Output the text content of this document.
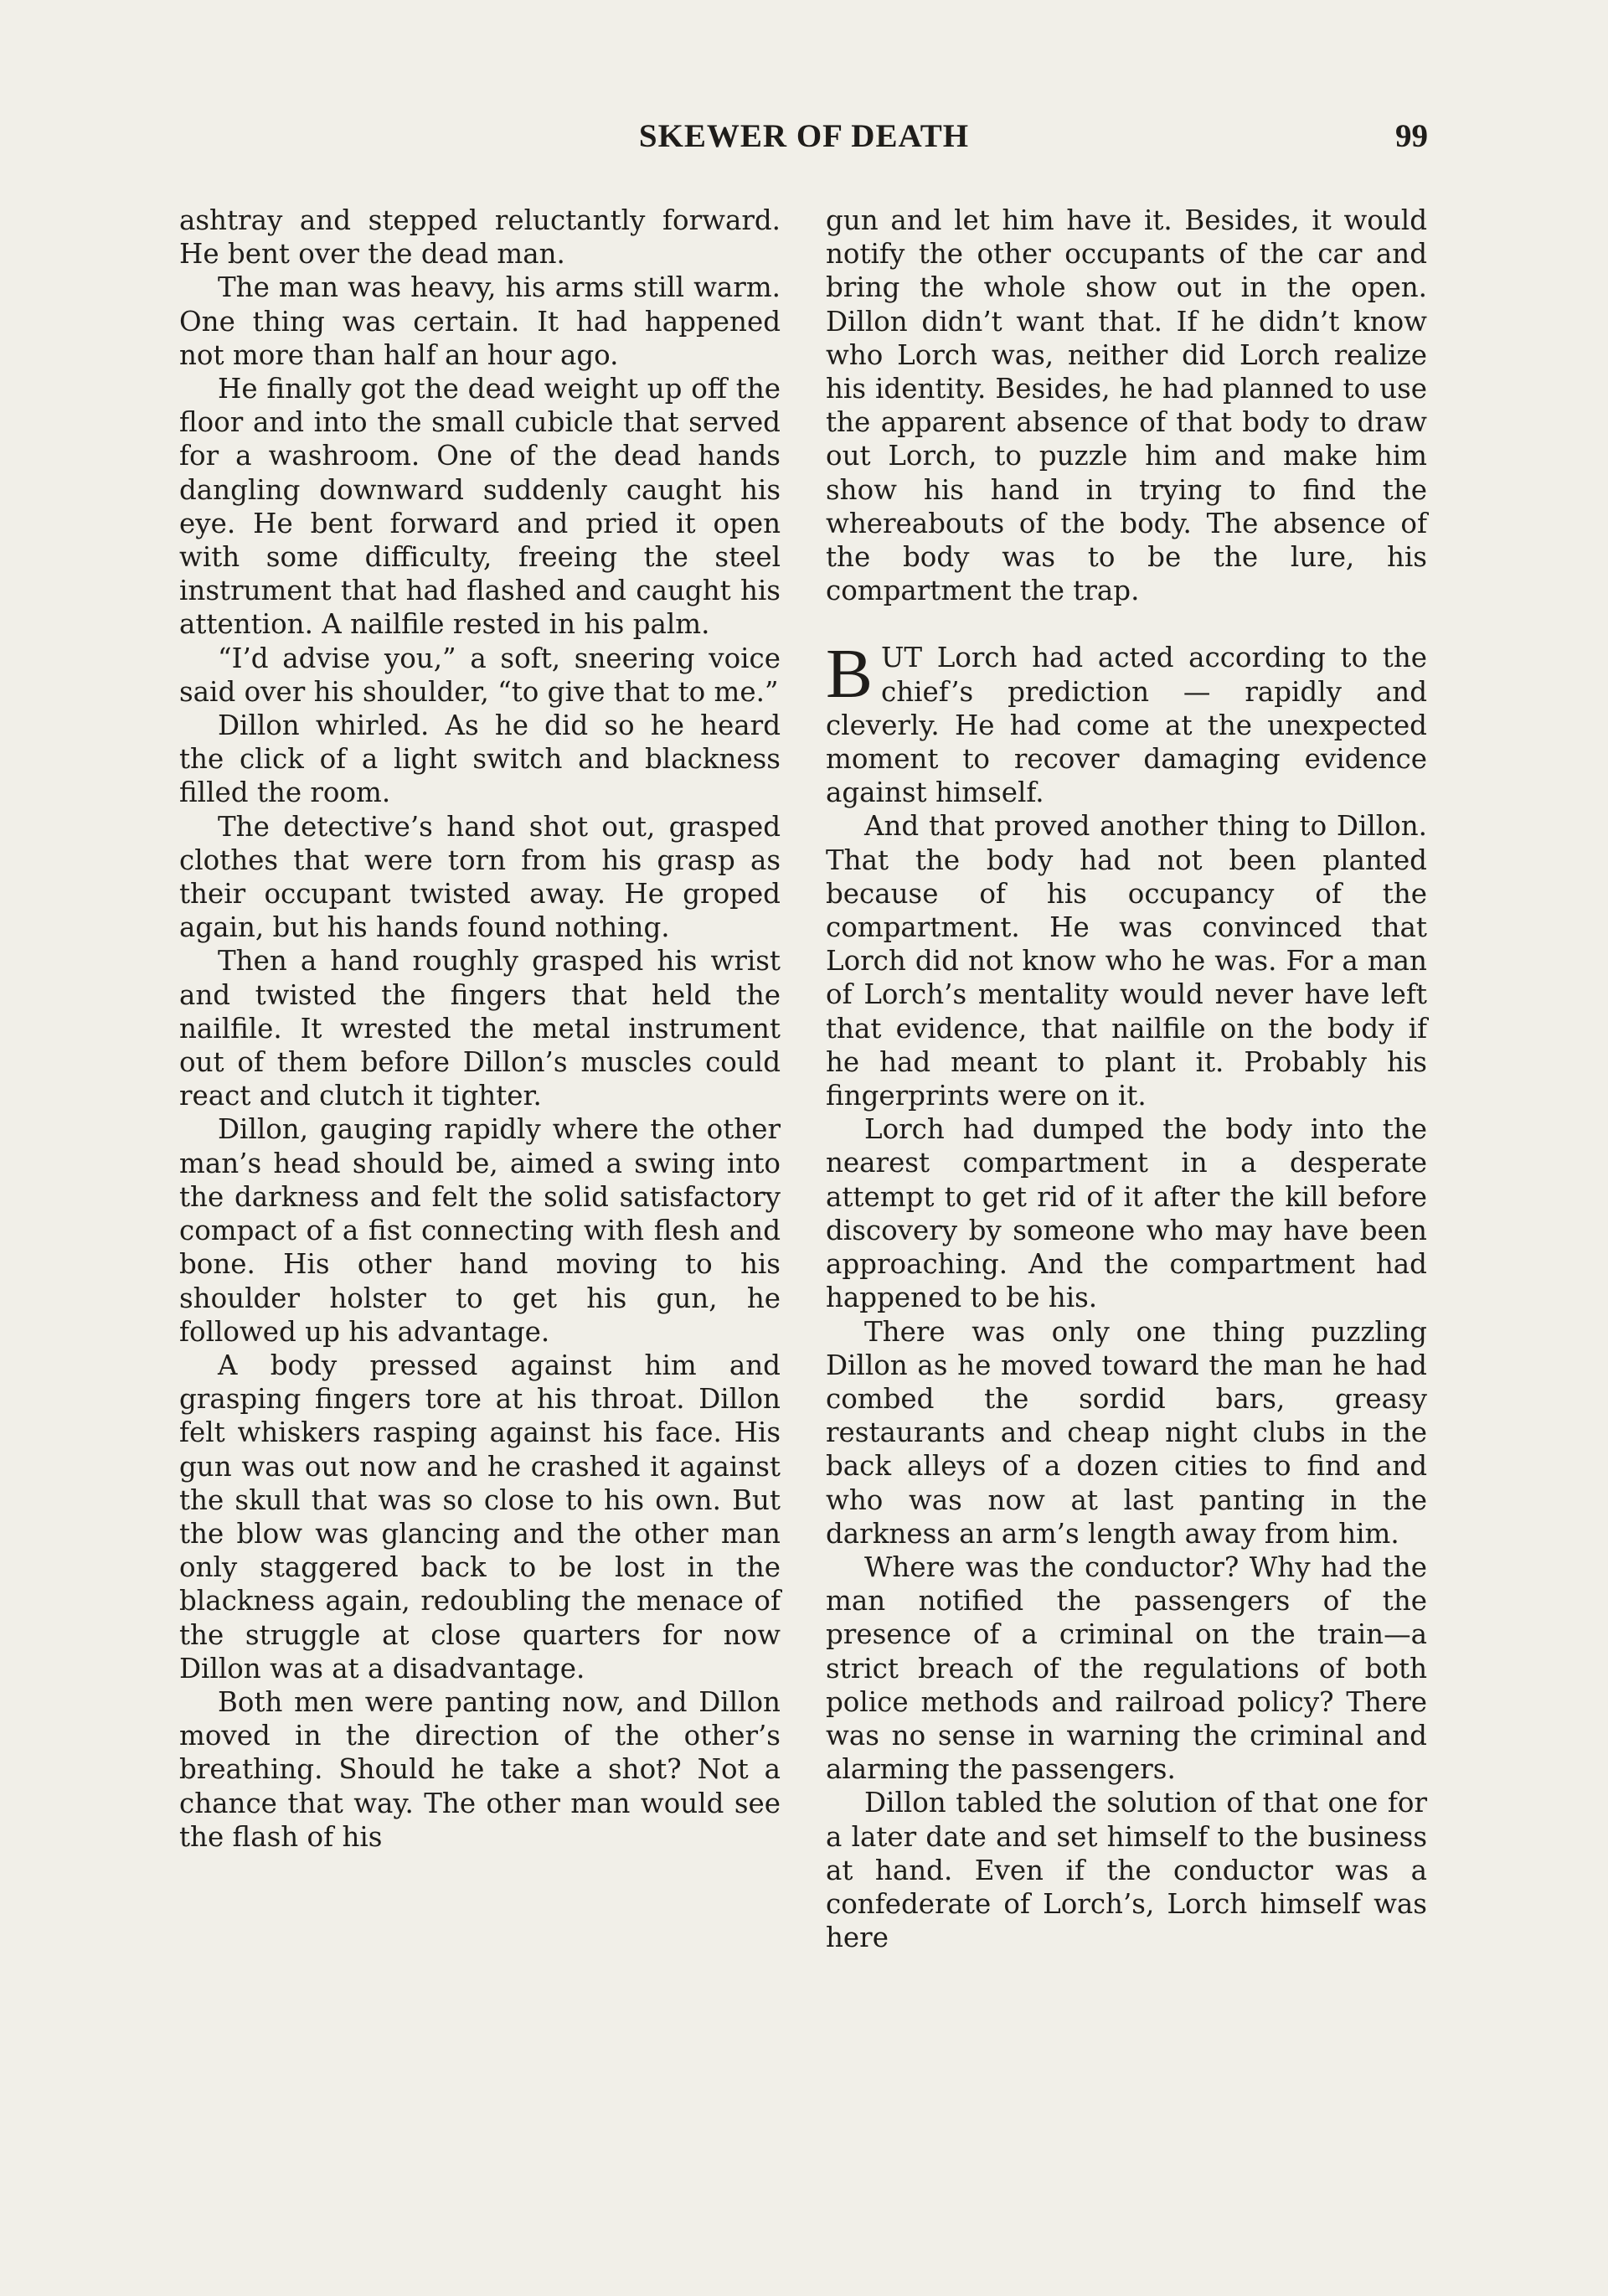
SKEWER OF DEATH	99

ashtray and stepped reluctantly forward. He bent over the dead man.

The man was heavy, his arms still warm. One thing was certain. It had happened not more than half an hour ago.

He finally got the dead weight up off the floor and into the small cubicle that served for a washroom. One of the dead hands dangling downward suddenly caught his eye. He bent forward and pried it open with some difficulty, freeing the steel instrument that had flashed and caught his attention. A nailfile rested in his palm.

“I’d advise you,” a soft, sneering voice said over his shoulder, “to give that to me.”

Dillon whirled. As he did so he heard the click of a light switch and blackness filled the room.

The detective’s hand shot out, grasped clothes that were torn from his grasp as their occupant twisted away. He groped again, but his hands found nothing.

Then a hand roughly grasped his wrist and twisted the fingers that held the nailfile. It wrested the metal instrument out of them before Dillon’s muscles could react and clutch it tighter.

Dillon, gauging rapidly where the other man’s head should be, aimed a swing into the darkness and felt the solid satisfactory compact of a fist connecting with flesh and bone. His other hand moving to his shoulder holster to get his gun, he followed up his advantage.

A body pressed against him and grasping fingers tore at his throat. Dillon felt whiskers rasping against his face. His gun was out now and he crashed it against the skull that was so close to his own. But the blow was glancing and the other man only staggered back to be lost in the blackness again, redoubling the menace of the struggle at close quarters for now Dillon was at a disadvantage.

Both men were panting now, and Dillon moved in the direction of the other’s breathing. Should he take a shot? Not a chance that way. The other man would see the flash of his

gun and let him have it. Besides, it would notify the other occupants of the car and bring the whole show out in the open. Dillon didn’t want that. If he didn’t know who Lorch was, neither did Lorch realize his identity. Besides, he had planned to use the apparent absence of that body to draw out Lorch, to puzzle him and make him show his hand in trying to find the whereabouts of the body. The absence of the body was to be the lure, his compartment the trap.

BUT Lorch had acted according to the chief’s prediction — rapidly and cleverly. He had come at the unexpected moment to recover damaging evidence against himself.

And that proved another thing to Dillon. That the body had not been planted because of his occupancy of the compartment. He was convinced that Lorch did not know who he was. For a man of Lorch’s mentality would never have left that evidence, that nailfile on the body if he had meant to plant it. Probably his fingerprints were on it.

Lorch had dumped the body into the nearest compartment in a desperate attempt to get rid of it after the kill before discovery by someone who may have been approaching. And the compartment had happened to be his.

There was only one thing puzzling Dillon as he moved toward the man he had combed the sordid bars, greasy restaurants and cheap night clubs in the back alleys of a dozen cities to find and who was now at last panting in the darkness an arm’s length away from him.

Where was the conductor? Why had the man notified the passengers of the presence of a criminal on the train—a strict breach of the regulations of both police methods and railroad policy? There was no sense in warning the criminal and alarming the passengers.

Dillon tabled the solution of that one for a later date and set himself to the business at hand. Even if the conductor was a confederate of Lorch’s, Lorch himself was here
